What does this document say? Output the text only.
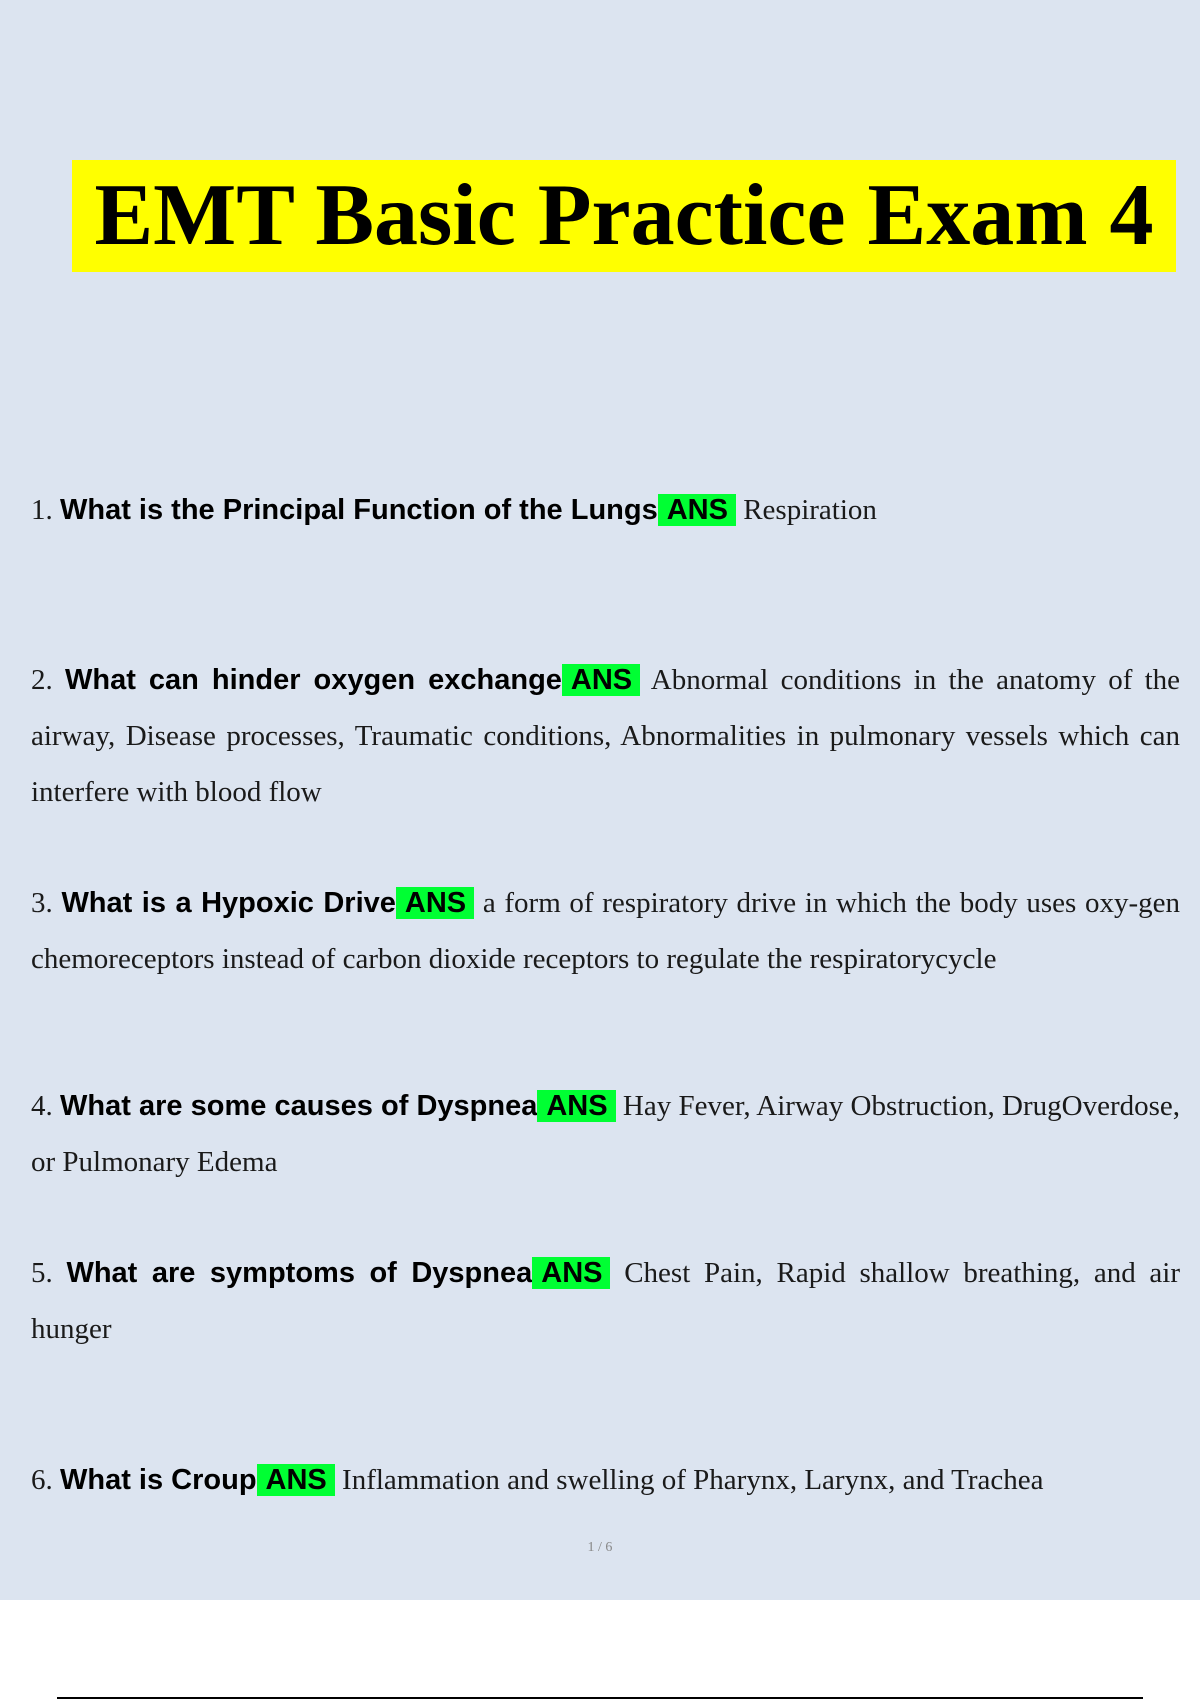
EMT Basic Practice Exam 4

1. What is the Principal Function of the Lungs ANS Respiration

2. What can hinder oxygen exchange ANS Abnormal conditions in the anatomy of the airway, Disease processes, Traumatic conditions, Abnormalities in pulmonary vessels which can interfere with blood flow

3. What is a Hypoxic Drive ANS a form of respiratory drive in which the body uses oxy-gen chemoreceptors instead of carbon dioxide receptors to regulate the respiratorycycle

4. What are some causes of Dyspnea ANS Hay Fever, Airway Obstruction, DrugOverdose, or Pulmonary Edema

5. What are symptoms of Dyspnea ANS Chest Pain, Rapid shallow breathing, and air hunger

6. What is Croup ANS Inflammation and swelling of Pharynx, Larynx, and Trachea

1 / 6
